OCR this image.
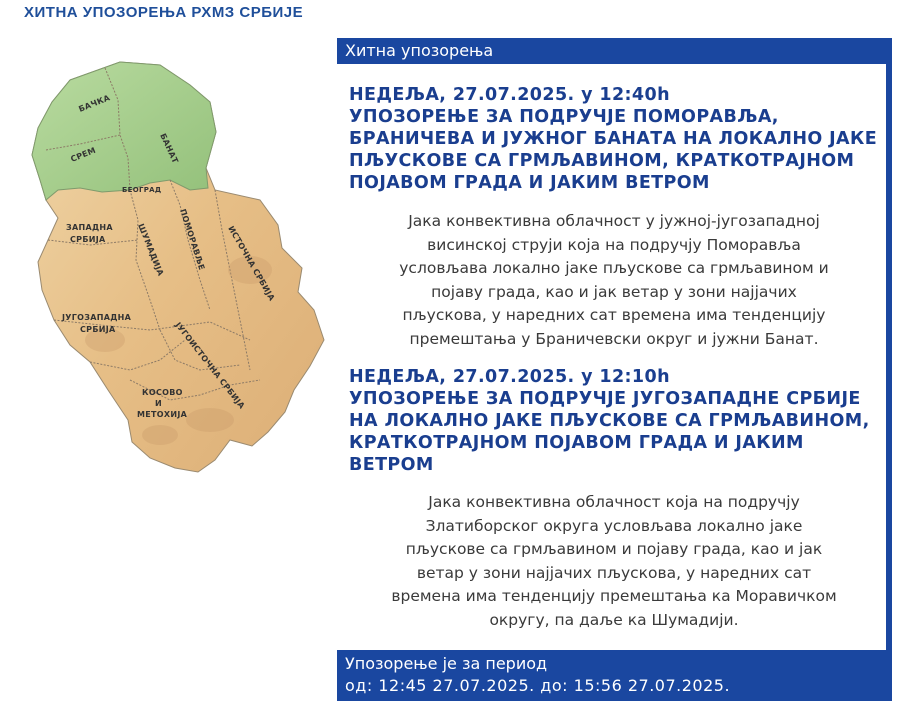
ХИТНА УПОЗОРЕЊА РХМЗ СРБИЈЕ
БАЧКА
БАНАТ
СРЕМ
БЕОГРАД
ЗАПАДНА
СРБИЈА	ШУМАДИЈА ПОМОРАВЉЕ ИСТОЧНА СРБИЈА
ЈУГОЗАПАДНА
СРБИЈА	ЈУГОИСТОЧНА СРБИЈА
КОСОВО
И
МЕТОХИЈА
Хитна упозорења
НЕДЕЉА, 27.07.2025. у 12:40h
УПОЗОРЕЊЕ ЗА ПОДРУЧЈЕ ПОМОРАВЉА,
БРАНИЧЕВА И ЈУЖНОГ БАНАТА НА ЛОКАЛНО ЈАКЕ
ПЉУСКОВЕ СА ГРМЉАВИНОМ, КРАТКОТРАЈНОМ
ПОЈАВОМ ГРАДА И ЈАКИМ ВЕТРОМ
Јака конвективна облачност у јужној-југозападној
висинској струји која на подручју Поморавља
условљава локално јаке пљускове са грмљавином и
појаву града, као и јак ветар у зони најјачих
пљускова, у наредних сат времена има тенденцију
премештања у Браничевски округ и јужни Банат.
НЕДЕЉА, 27.07.2025. у 12:10h
УПОЗОРЕЊЕ ЗА ПОДРУЧЈЕ ЈУГОЗАПАДНЕ СРБИЈЕ
НА ЛОКАЛНО ЈАКЕ ПЉУСКОВЕ СА ГРМЉАВИНОМ,
КРАТКОТРАЈНОМ ПОЈАВОМ ГРАДА И ЈАКИМ
ВЕТРОМ
Јака конвективна облачност која на подручју
Златиборског округа условљава локално јаке
пљускове са грмљавином и појаву града, као и јак
ветар у зони најјачих пљускова, у наредних сат
времена има тенденцију премештања ка Моравичком
округу, па даље ка Шумадији.
Упозорење је за период
од: 12:45 27.07.2025. до: 15:56 27.07.2025.
